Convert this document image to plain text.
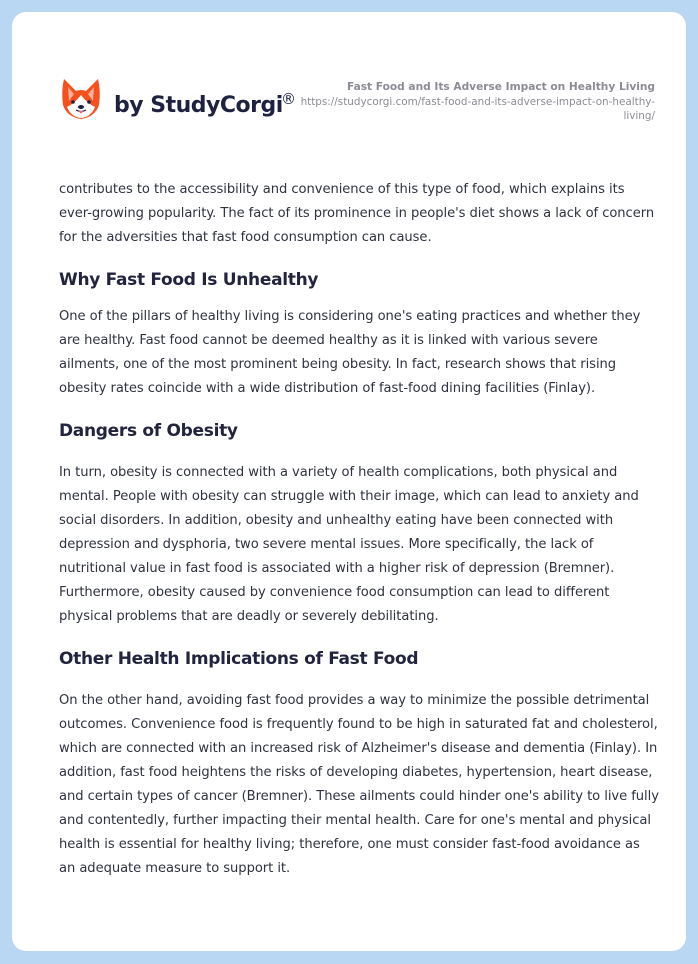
by StudyCorgi
®
Fast Food and Its Adverse Impact on Healthy Living
https://studycorgi.com/fast-food-and-its-adverse-impact-on-healthy-living/

contributes to the accessibility and convenience of this type of food, which explains its ever-growing popularity. The fact of its prominence in people's diet shows a lack of concern for the adversities that fast food consumption can cause.

Why Fast Food Is Unhealthy

One of the pillars of healthy living is considering one's eating practices and whether they are healthy. Fast food cannot be deemed healthy as it is linked with various severe ailments, one of the most prominent being obesity. In fact, research shows that rising obesity rates coincide with a wide distribution of fast-food dining facilities (Finlay).

Dangers of Obesity

In turn, obesity is connected with a variety of health complications, both physical and mental. People with obesity can struggle with their image, which can lead to anxiety and social disorders. In addition, obesity and unhealthy eating have been connected with depression and dysphoria, two severe mental issues. More specifically, the lack of nutritional value in fast food is associated with a higher risk of depression (Bremner). Furthermore, obesity caused by convenience food consumption can lead to different physical problems that are deadly or severely debilitating.

Other Health Implications of Fast Food

On the other hand, avoiding fast food provides a way to minimize the possible detrimental outcomes. Convenience food is frequently found to be high in saturated fat and cholesterol, which are connected with an increased risk of Alzheimer's disease and dementia (Finlay). In addition, fast food heightens the risks of developing diabetes, hypertension, heart disease, and certain types of cancer (Bremner). These ailments could hinder one's ability to live fully and contentedly, further impacting their mental health. Care for one's mental and physical health is essential for healthy living; therefore, one must consider fast-food avoidance as an adequate measure to support it.
